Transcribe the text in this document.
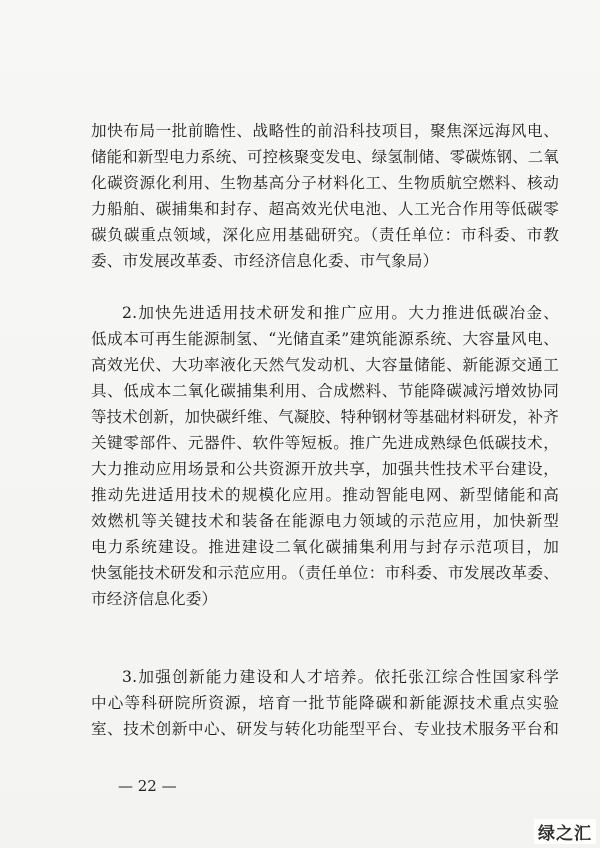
加快布局一批前瞻性、战略性的前沿科技项目，聚焦深远海风电、
储能和新型电力系统、可控核聚变发电、绿氢制储、零碳炼钢、二氧
化碳资源化利用、生物基高分子材料化工、生物质航空燃料、核动
力船舶、碳捕集和封存、超高效光伏电池、人工光合作用等低碳零
碳负碳重点领域，深化应用基础研究。（责任单位：市科委、市教
委、市发展改革委、市经济信息化委、市气象局）
2.加快先进适用技术研发和推广应用。大力推进低碳冶金、
低成本可再生能源制氢、“光储直柔”建筑能源系统、大容量风电、
高效光伏、大功率液化天然气发动机、大容量储能、新能源交通工
具、低成本二氧化碳捕集利用、合成燃料、节能降碳减污增效协同
等技术创新，加快碳纤维、气凝胶、特种钢材等基础材料研发，补齐
关键零部件、元器件、软件等短板。推广先进成熟绿色低碳技术，
大力推动应用场景和公共资源开放共享，加强共性技术平台建设，
推动先进适用技术的规模化应用。推动智能电网、新型储能和高
效燃机等关键技术和装备在能源电力领域的示范应用，加快新型
电力系统建设。推进建设二氧化碳捕集利用与封存示范项目，加
快氢能技术研发和示范应用。（责任单位：市科委、市发展改革委、
市经济信息化委）
3.加强创新能力建设和人才培养。依托张江综合性国家科学
中心等科研院所资源，培育一批节能降碳和新能源技术重点实验
室、技术创新中心、研发与转化功能型平台、专业技术服务平台和
— 22 —
绿之汇
